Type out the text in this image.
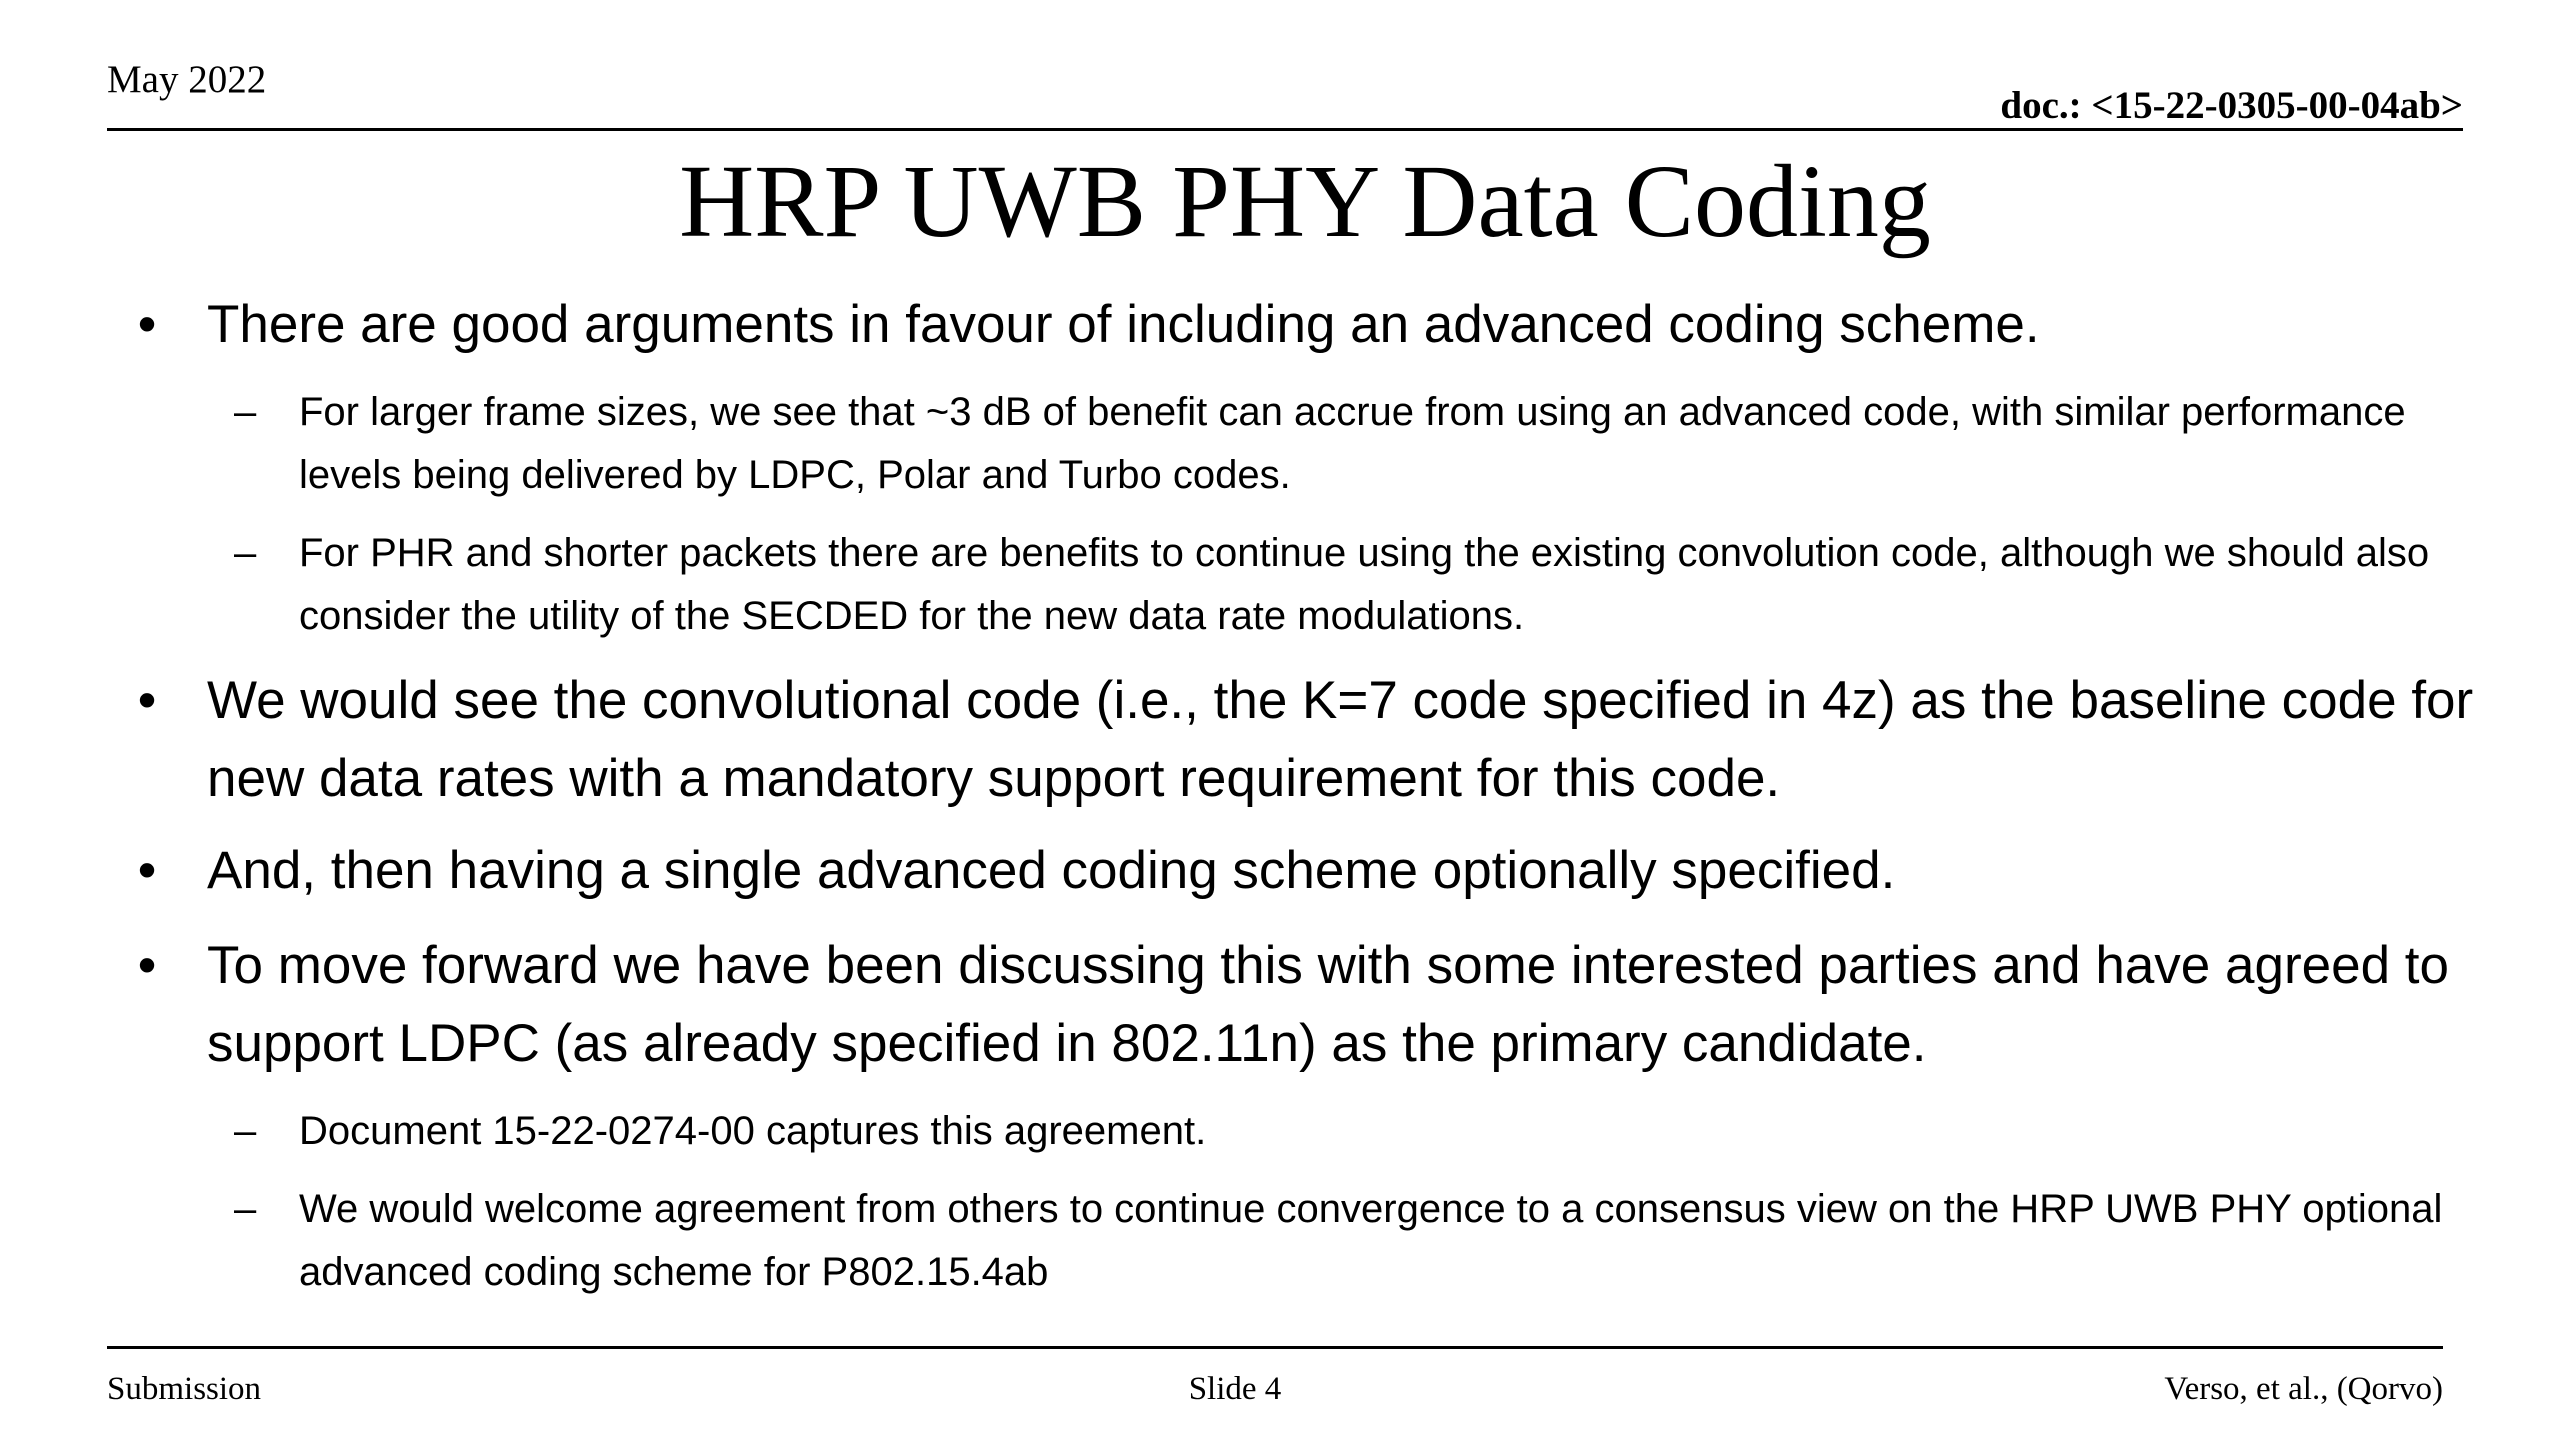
May 2022
doc.: <15-22-0305-00-04ab>
HRP UWB PHY Data Coding
• There are good arguments in favour of including an advanced coding scheme.
– For larger frame sizes, we see that ~3 dB of benefit can accrue from using an advanced code, with similar performance levels being delivered by LDPC, Polar and Turbo codes.
– For PHR and shorter packets there are benefits to continue using the existing convolution code, although we should also consider the utility of the SECDED for the new data rate modulations.
• We would see the convolutional code (i.e., the K=7 code specified in 4z) as the baseline code for new data rates with a mandatory support requirement for this code.
• And, then having a single advanced coding scheme optionally specified.
• To move forward we have been discussing this with some interested parties and have agreed to support LDPC (as already specified in 802.11n) as the primary candidate.
– Document 15-22-0274-00 captures this agreement.
– We would welcome agreement from others to continue convergence to a consensus view on the HRP UWB PHY optional advanced coding scheme for P802.15.4ab
Submission	Slide 4	Verso, et al., (Qorvo)
